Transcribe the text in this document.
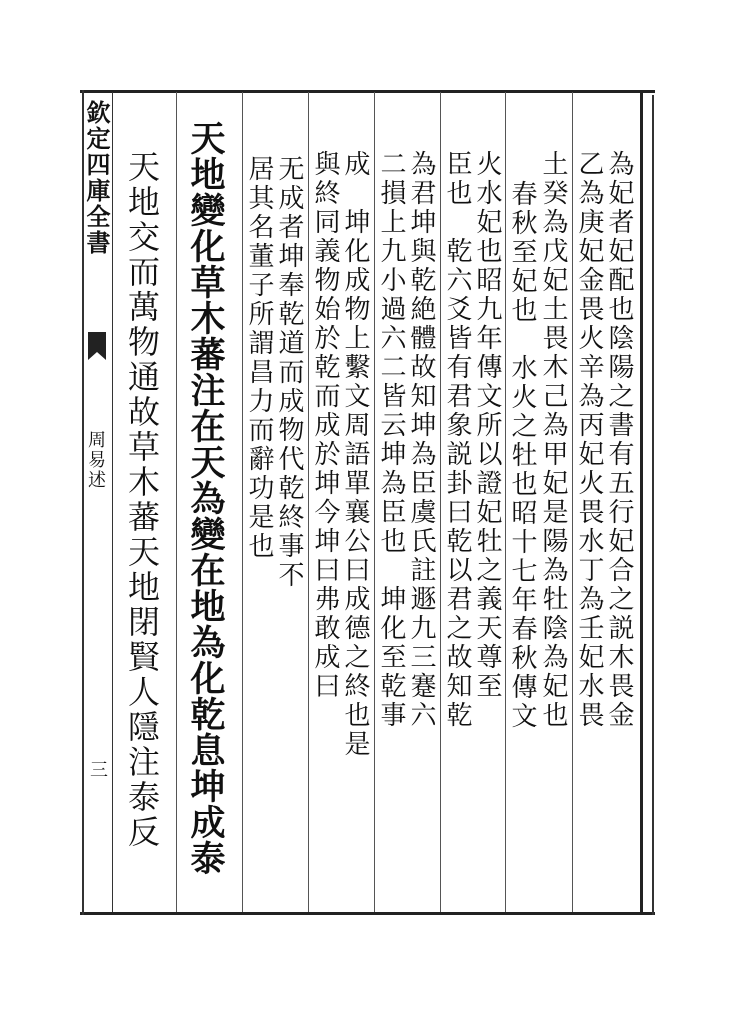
欽定四庫全書
周易述
三
為妃者妃配也陰陽之書有五行妃合之説木畏金
乙為庚妃金畏火辛為丙妃火畏水丁為壬妃水畏
土癸為戊妃土畏木己為甲妃是陽為牡陰為妃也
春秋至妃也　水火之牡也昭十七年春秋傳文
火水妃也昭九年傳文所以證妃牡之義天尊至
臣也　乾六爻皆有君象説卦曰乾以君之故知乾
為君坤與乾絶體故知坤為臣虞氏註遯九三蹇六
二損上九小過六二皆云坤為臣也　坤化至乾事
成　坤化成物上繫文周語單襄公曰成德之終也是
與終同義物始於乾而成於坤今坤曰弗敢成曰
无成者坤奉乾道而成物代乾終事不
居其名董子所謂昌力而辭功是也
天地變化草木蕃注在天為變在地為化乾息坤成泰
天地交而萬物通故草木蕃天地閉賢人隱注泰反
